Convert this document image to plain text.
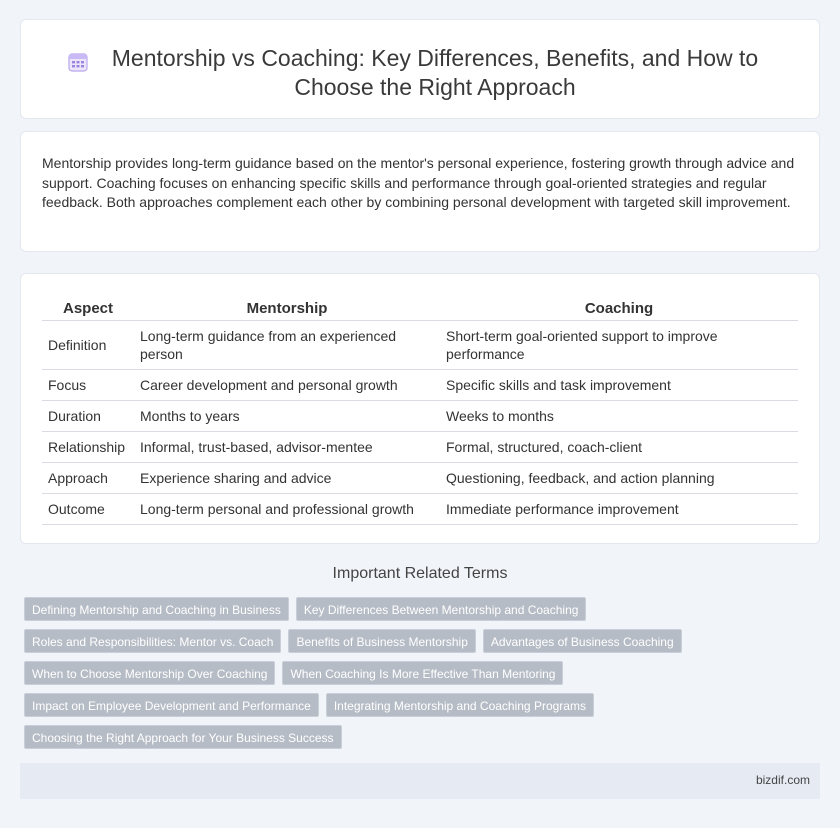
Mentorship vs Coaching: Key Differences, Benefits, and How to Choose the Right Approach

Mentorship provides long-term guidance based on the mentor's personal experience, fostering growth through advice and support. Coaching focuses on enhancing specific skills and performance through goal-oriented strategies and regular feedback. Both approaches complement each other by combining personal development with targeted skill improvement.

Aspect	Mentorship	Coaching
Definition	Long-term guidance from an experienced person	Short-term goal-oriented support to improve performance
Focus	Career development and personal growth	Specific skills and task improvement
Duration	Months to years	Weeks to months
Relationship	Informal, trust-based, advisor-mentee	Formal, structured, coach-client
Approach	Experience sharing and advice	Questioning, feedback, and action planning
Outcome	Long-term personal and professional growth	Immediate performance improvement
Important Related Terms
Defining Mentorship and Coaching in Business	Key Differences Between Mentorship and Coaching
Roles and Responsibilities: Mentor vs. Coach	Benefits of Business Mentorship	Advantages of Business Coaching
When to Choose Mentorship Over Coaching	When Coaching Is More Effective Than Mentoring
Impact on Employee Development and Performance	Integrating Mentorship and Coaching Programs
Choosing the Right Approach for Your Business Success
bizdif.com
